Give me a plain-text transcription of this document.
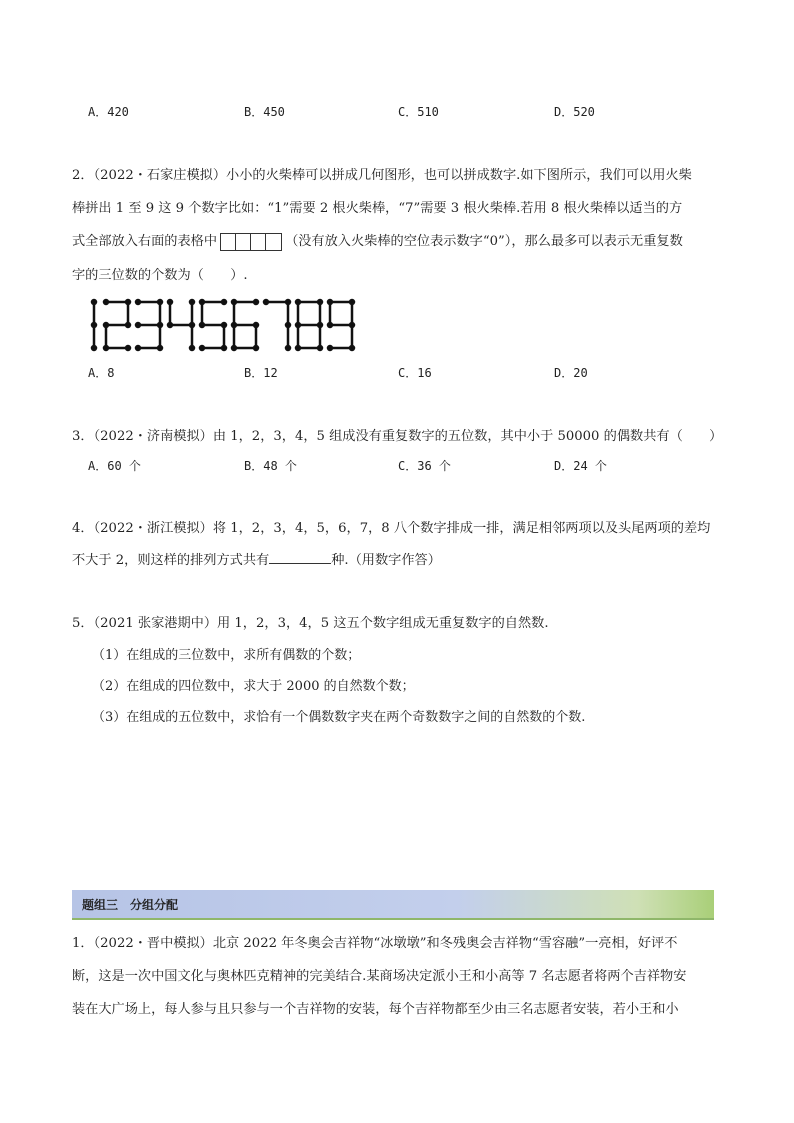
A．420	B．450	C．510	D．520
2．（2022・石家庄模拟）小小的火柴棒可以拼成几何图形，也可以拼成数字.如下图所示，我们可以用火柴
棒拼出 1 至 9 这 9 个数字比如：“1”需要 2 根火柴棒，“7”需要 3 根火柴棒.若用 8 根火柴棒以适当的方
式全部放入右面的表格中	（没有放入火柴棒的空位表示数字“0”），那么最多可以表示无重复数
字的三位数的个数为（　　）.
A．8	B．12	C．16	D．20
3．（2022・济南模拟）由 1，2，3，4，5 组成没有重复数字的五位数，其中小于 50000 的偶数共有（　　）
A．60 个	B．48 个	C．36 个	D．24 个
4．（2022・浙江模拟）将 1，2，3，4，5，6，7，8 八个数字排成一排，满足相邻两项以及头尾两项的差均
不大于 2，则这样的排列方式共有	种.（用数字作答）
5．（2021 张家港期中）用 1，2，3，4，5 这五个数字组成无重复数字的自然数.
（1）在组成的三位数中，求所有偶数的个数；
（2）在组成的四位数中，求大于 2000 的自然数个数；
（3）在组成的五位数中，求恰有一个偶数数字夹在两个奇数数字之间的自然数的个数.
题组三　分组分配
1．（2022・晋中模拟）北京 2022 年冬奥会吉祥物“冰墩墩”和冬残奥会吉祥物“雪容融”一亮相，好评不
断，这是一次中国文化与奥林匹克精神的完美结合.某商场决定派小王和小高等 7 名志愿者将两个吉祥物安
装在大广场上，每人参与且只参与一个吉祥物的安装，每个吉祥物都至少由三名志愿者安装，若小王和小
